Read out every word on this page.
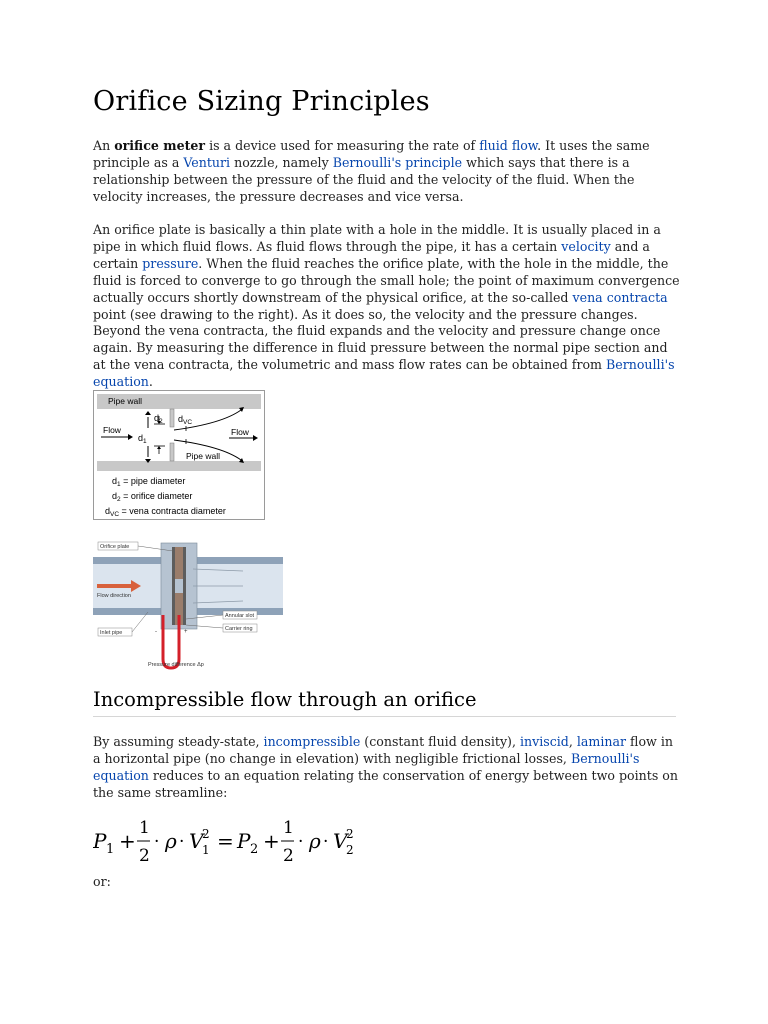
Orifice Sizing Principles

An orifice meter is a device used for measuring the rate of fluid flow. It uses the same principle as a Venturi nozzle, namely Bernoulli's principle which says that there is a relationship between the pressure of the fluid and the velocity of the fluid. When the velocity increases, the pressure decreases and vice versa.

An orifice plate is basically a thin plate with a hole in the middle. It is usually placed in a pipe in which fluid flows. As fluid flows through the pipe, it has a certain velocity and a certain pressure. When the fluid reaches the orifice plate, with the hole in the middle, the fluid is forced to converge to go through the small hole; the point of maximum convergence actually occurs shortly downstream of the physical orifice, at the so-called vena contracta point (see drawing to the right). As it does so, the velocity and the pressure changes. Beyond the vena contracta, the fluid expands and the velocity and pressure change once again. By measuring the difference in fluid pressure between the normal pipe section and at the vena contracta, the volumetric and mass flow rates can be obtained from Bernoulli's equation.

Pipe wall
$d_1$
$d_2$ $d_{VC}$
Flow	Flow
Pipe wall
$d_1$ = pipe diameter
$d_2$ = orifice diameter
$d_{VC}$ = vena contracta diameter
Orifice plate
Flow direction
Inlet pipe
Annular slot
Carrier ring
-	+
Pressure difference Δp
Incompressible flow through an orifice

By assuming steady-state, incompressible (constant fluid density), inviscid, laminar flow in a horizontal pipe (no change in elevation) with negligible frictional losses, Bernoulli's equation reduces to an equation relating the conservation of energy between two points on the same streamline:

P 1 +
1
2
· ρ · V
2
1 = P 2 +
1
2
· ρ · V
2
2

or:
